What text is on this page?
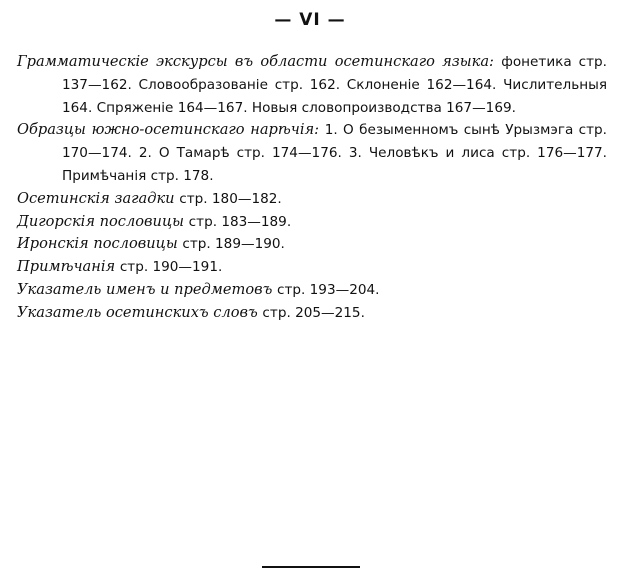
— VI —
Грамматическiе экскурсы въ области осетинскаго языка: фонетика стр. 137—162. Словообразованiе стр. 162. Склоненiе 162—164. Числительныя 164. Спряженiе 164—167. Новыя словопроизводства 167—169.
Образцы южно-осетинскаго нарѣчiя: 1. О безыменномъ сынѣ Урызмэга стр. 170—174. 2. О Тамарѣ стр. 174—176. 3. Человѣкъ и лиса стр. 176—177. Примѣчанiя стр. 178.
Осетинскiя загадки стр. 180—182.
Дигорскiя пословицы стр. 183—189.
Иронскiя пословицы стр. 189—190.
Примѣчанiя стр. 190—191.
Указатель именъ и предметовъ стр. 193—204.
Указатель осетинскихъ словъ стр. 205—215.
